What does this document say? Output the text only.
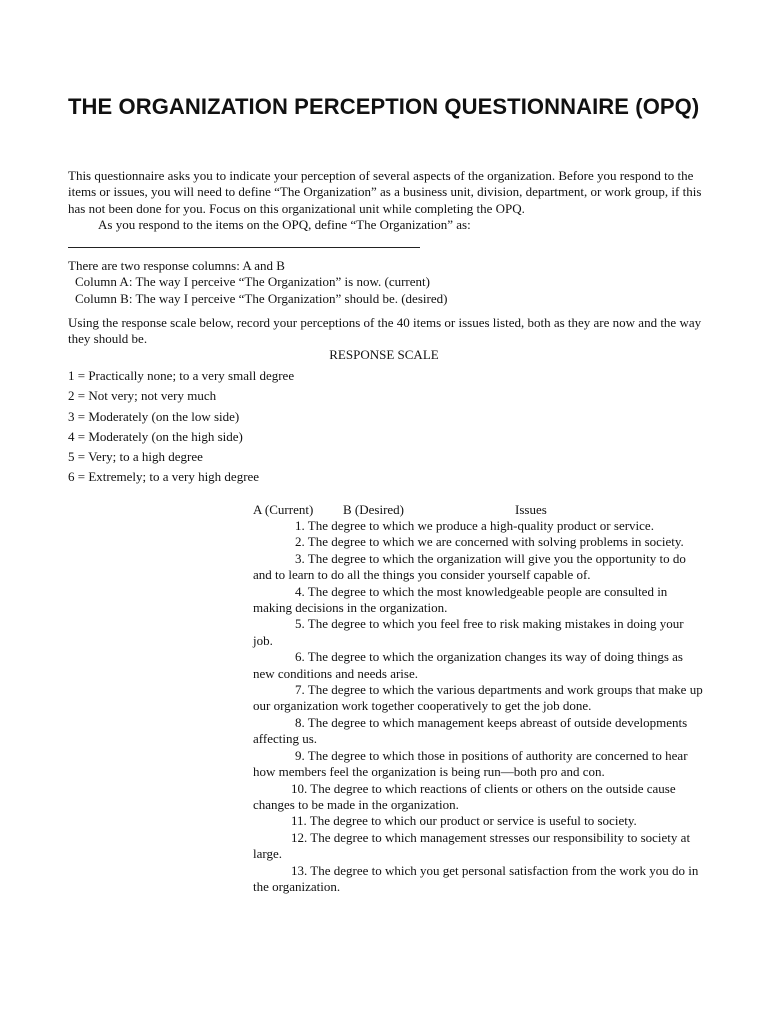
THE ORGANIZATION PERCEPTION QUESTIONNAIRE (OPQ)
This questionnaire asks you to indicate your perception of several aspects of the organization. Before you respond to the items or issues, you will need to define “The Organization” as a business unit, division, department, or work group, if this has not been done for you. Focus on this organizational unit while completing the OPQ.
As you respond to the items on the OPQ, define “The Organization” as:
There are two response columns: A and B
Column A: The way I perceive “The Organization” is now. (current)
Column B: The way I perceive “The Organization” should be. (desired)
Using the response scale below, record your perceptions of the 40 items or issues listed, both as they are now and the way they should be.
RESPONSE SCALE
1 = Practically none; to a very small degree
2 = Not very; not very much
3 = Moderately (on the low side)
4 = Moderately (on the high side)
5 = Very; to a high degree
6 = Extremely; to a very high degree
A (Current) B (Desired)	Issues
1. The degree to which we produce a high-quality product or service.
2. The degree to which we are concerned with solving problems in society.
3. The degree to which the organization will give you the opportunity to do and to learn to do all the things you consider yourself capable of.
4. The degree to which the most knowledgeable people are consulted in making decisions in the organization.
5. The degree to which you feel free to risk making mistakes in doing your job.
6. The degree to which the organization changes its way of doing things as new conditions and needs arise.
7. The degree to which the various departments and work groups that make up our organization work together cooperatively to get the job done.
8. The degree to which management keeps abreast of outside developments affecting us.
9. The degree to which those in positions of authority are concerned to hear how members feel the organization is being run—both pro and con.
10. The degree to which reactions of clients or others on the outside cause changes to be made in the organization.
11. The degree to which our product or service is useful to society.
12. The degree to which management stresses our responsibility to society at large.
13. The degree to which you get personal satisfaction from the work you do in the organization.
